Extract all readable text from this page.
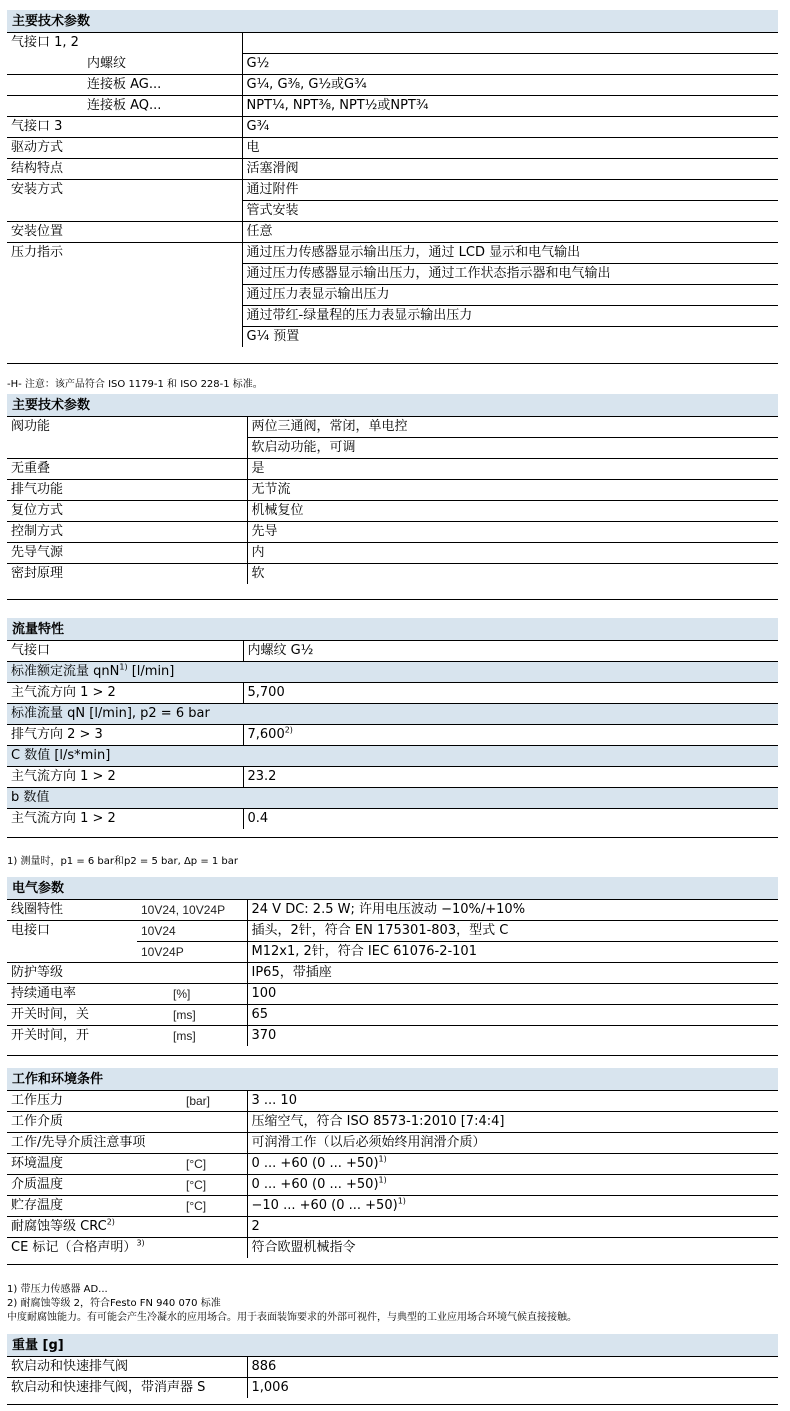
主要技术参数
气接口 1, 2	
内螺纹	G½
连接板 AG...	G¼, G⅜, G½或G¾
连接板 AQ...	NPT¼, NPT⅜, NPT½或NPT¾
气接口 3	G¾
驱动方式	电
结构特点	活塞滑阀
安装方式	通过附件
	管式安装
安装位置	任意
压力指示	通过压力传感器显示输出压力，通过 LCD 显示和电气输出
	通过压力传感器显示输出压力，通过工作状态指示器和电气输出
	通过压力表显示输出压力
	通过带红-绿量程的压力表显示输出压力
	G¼ 预置
-H- 注意：该产品符合 ISO 1179-1 和 ISO 228-1 标准。
主要技术参数
阀功能	两位三通阀，常闭，单电控
	软启动功能，可调
无重叠	是
排气功能	无节流
复位方式	机械复位
控制方式	先导
先导气源	内
密封原理	软
流量特性
气接口	内螺纹 G½
标准额定流量 qnN$^{1)}$ [l/min]	
主气流方向 1 > 2	5,700
标准流量 qN [l/min], p2 = 6 bar	
排气方向 2 > 3	7,600$^{2)}$
C 数值 [l/s*min]	
主气流方向 1 > 2	23.2
b 数值	
主气流方向 1 > 2	0.4
1) 测量时，p1 = 6 bar和p2 = 5 bar, Δp = 1 bar
电气参数
线圈特性	10V24, 10V24P	24 V DC: 2.5 W; 许用电压波动 −10%/+10%
电接口	10V24	插头，2针，符合 EN 175301-803，型式 C
	10V24P	M12x1, 2针，符合 IEC 61076-2-101
防护等级		IP65，带插座
持续通电率	[%]	100
开关时间，关	[ms]	65
开关时间，开	[ms]	370
工作和环境条件
工作压力	[bar]	3 ... 10
工作介质		压缩空气，符合 ISO 8573-1:2010 [7:4:4]
工作/先导介质注意事项		可润滑工作（以后必须始终用润滑介质）
环境温度	[°C]	0 ... +60 (0 ... +50)$^{1)}$
介质温度	[°C]	0 ... +60 (0 ... +50)$^{1)}$
贮存温度	[°C]	−10 ... +60 (0 ... +50)$^{1)}$
耐腐蚀等级 CRC$^{2)}$		2
CE 标记（合格声明）$^{3)}$		符合欧盟机械指令
1) 带压力传感器 AD...
2) 耐腐蚀等级 2，符合Festo FN 940 070 标准
中度耐腐蚀能力。有可能会产生冷凝水的应用场合。用于表面装饰要求的外部可视件，与典型的工业应用场合环境气候直接接触。
重量 [g]
软启动和快速排气阀	886
软启动和快速排气阀，带消声器 S	1,006
